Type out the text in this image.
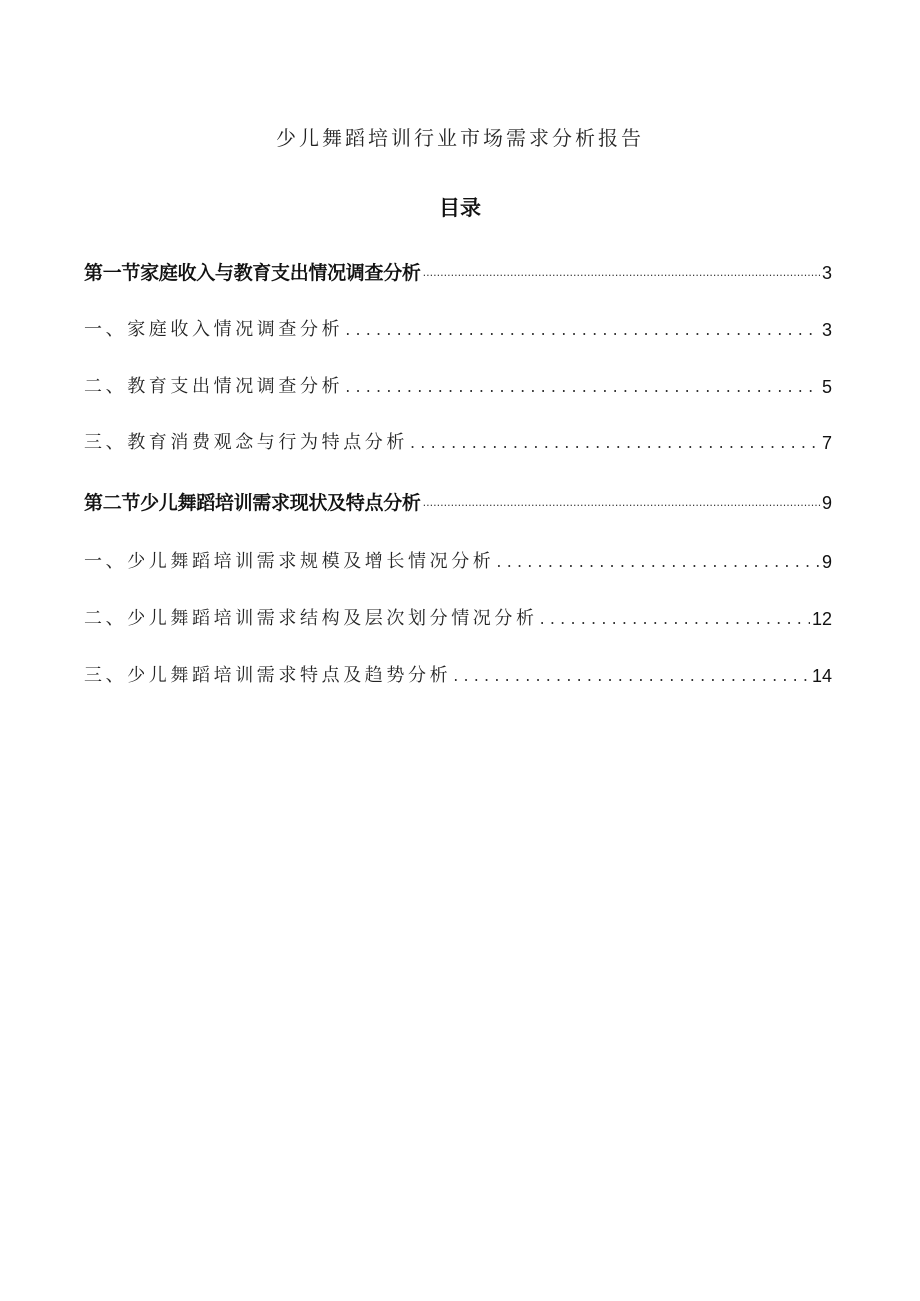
少儿舞蹈培训行业市场需求分析报告
目录
第一节家庭收入与教育支出情况调查分析 .....	3
一、家庭收入情况调查分析 .....	3
二、教育支出情况调查分析 .....	5
三、教育消费观念与行为特点分析 .....	7
第二节少儿舞蹈培训需求现状及特点分析 .....	9
一、少儿舞蹈培训需求规模及增长情况分析 .....	9
二、少儿舞蹈培训需求结构及层次划分情况分析 .....	12
三、少儿舞蹈培训需求特点及趋势分析 .....	14
